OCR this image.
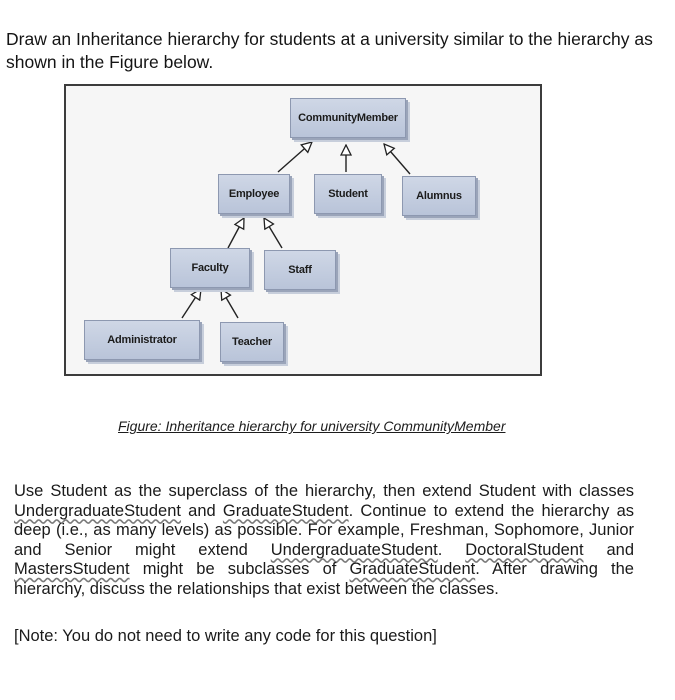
Draw an Inheritance hierarchy for students at a university similar to the hierarchy as shown in the Figure below.
CommunityMember
Employee	Student	Alumnus
Faculty	Staff
Administrator	Teacher
Figure: Inheritance hierarchy for university CommunityMember
Use Student as the superclass of the hierarchy, then extend Student with classes UndergraduateStudent and GraduateStudent. Continue to extend the hierarchy as deep (i.e., as many levels) as possible. For example, Freshman, Sophomore, Junior and Senior might extend UndergraduateStudent. DoctoralStudent and MastersStudent might be subclasses of GraduateStudent. After drawing the hierarchy, discuss the relationships that exist between the classes.
[Note: You do not need to write any code for this question]
